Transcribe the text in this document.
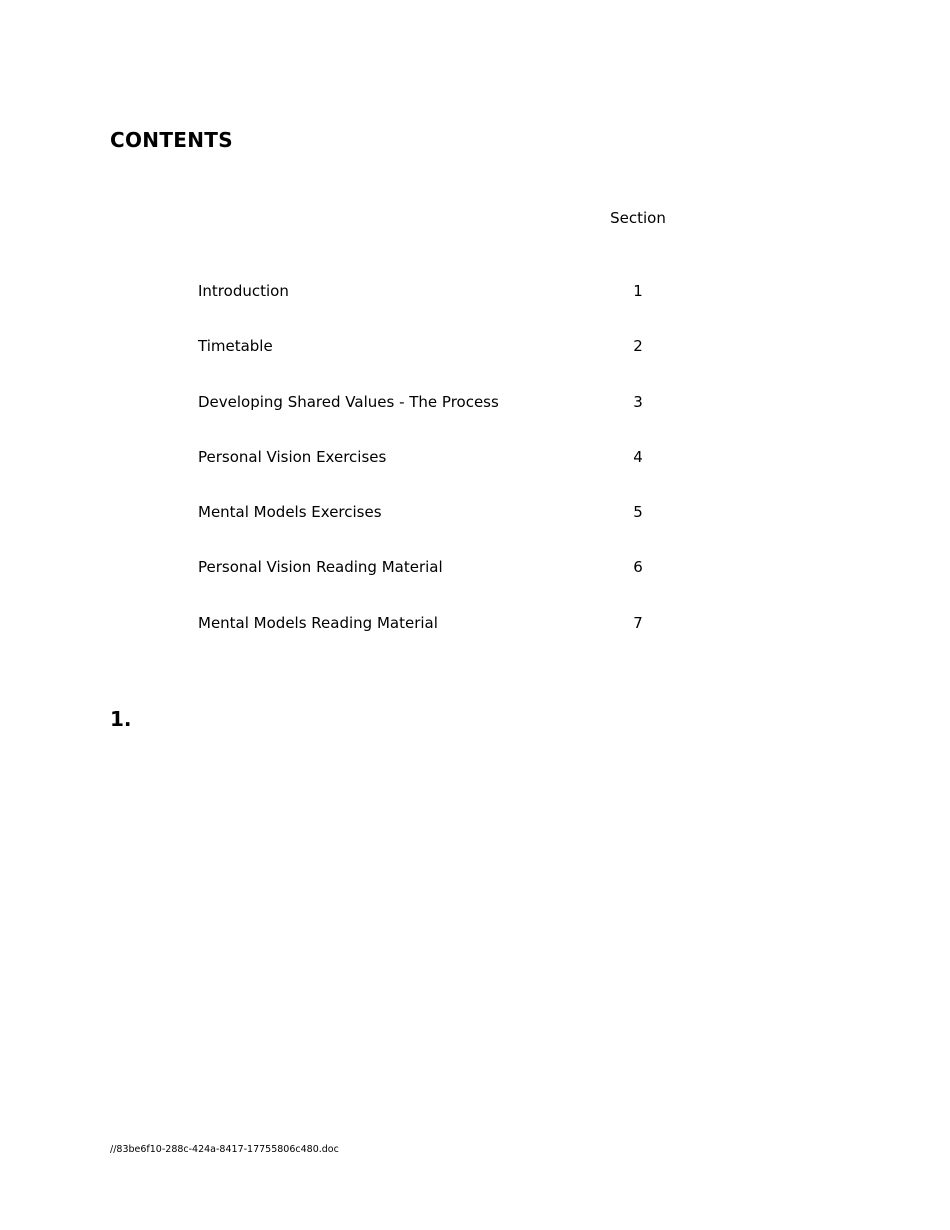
CONTENTS
Section
Introduction	1
Timetable	2
Developing Shared Values - The Process	3
Personal Vision Exercises	4
Mental Models Exercises	5
Personal Vision Reading Material	6
Mental Models Reading Material	7
1.
//83be6f10-288c-424a-8417-17755806c480.doc
